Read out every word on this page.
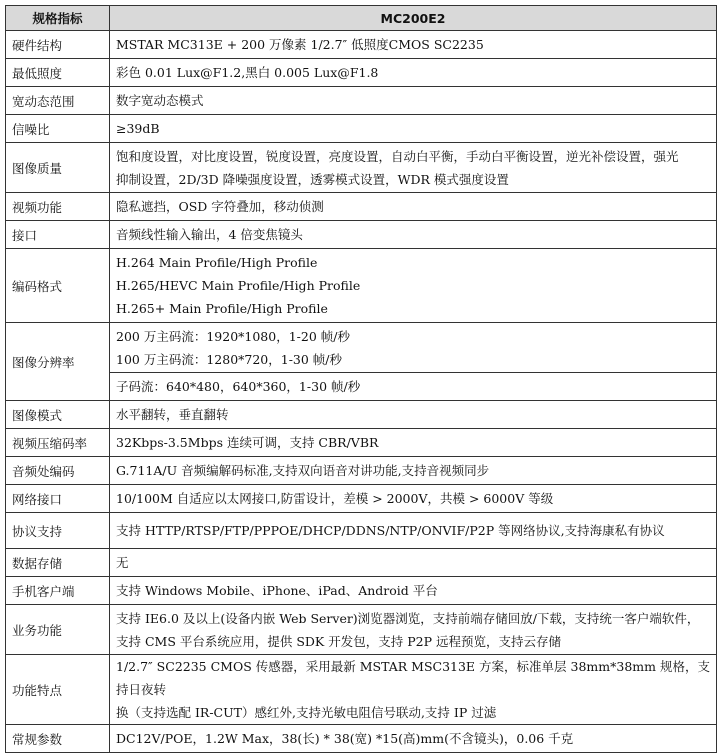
规格指标	MC200E2
硬件结构	MSTAR MC313E + 200 万像素 1/2.7″ 低照度CMOS SC2235

最低照度	彩色 0.01 Lux@F1.2,黑白 0.005 Lux@F1.8

宽动态范围	数字宽动态模式

信噪比	≥39dB

图像质量	饱和度设置，对比度设置，锐度设置，亮度设置，自动白平衡，手动白平衡设置，逆光补偿设置，强光
抑制设置，2D/3D 降噪强度设置，透雾模式设置，WDR 模式强度设置

视频功能	隐私遮挡，OSD 字符叠加，移动侦测

接口	音频线性输入输出，4 倍变焦镜头

编码格式	H.264 Main Profile/High Profile
H.265/HEVC Main Profile/High Profile
H.265+ Main Profile/High Profile

图像分辨率	200 万主码流：1920*1080，1-20 帧/秒
100 万主码流：1280*720，1-30 帧/秒

	子码流：640*480，640*360，1-30 帧/秒

图像模式	水平翻转，垂直翻转

视频压缩码率	32Kbps-3.5Mbps 连续可调，支持 CBR/VBR

音频处编码	G.711A/U 音频编解码标准,支持双向语音对讲功能,支持音视频同步

网络接口	10/100M 自适应以太网接口,防雷设计，差模 > 2000V，共模 > 6000V 等级

协议支持	支持 HTTP/RTSP/FTP/PPPOE/DHCP/DDNS/NTP/ONVIF/P2P 等网络协议,支持海康私有协议

数据存储	无

手机客户端	支持 Windows Mobile、iPhone、iPad、Android 平台

业务功能	支持 IE6.0 及以上(设备内嵌 Web Server)浏览器浏览，支持前端存储回放/下载，支持统一客户端软件，
支持 CMS 平台系统应用，提供 SDK 开发包，支持 P2P 远程预览，支持云存储

功能特点	1/2.7″ SC2235 CMOS 传感器，采用最新 MSTAR MSC313E 方案，标准单层 38mm*38mm 规格，支持日夜转
换（支持选配 IR-CUT）感红外,支持光敏电阻信号联动,支持 IP 过滤

常规参数	DC12V/POE，1.2W Max，38(长) * 38(宽) *15(高)mm(不含镜头)，0.06 千克
